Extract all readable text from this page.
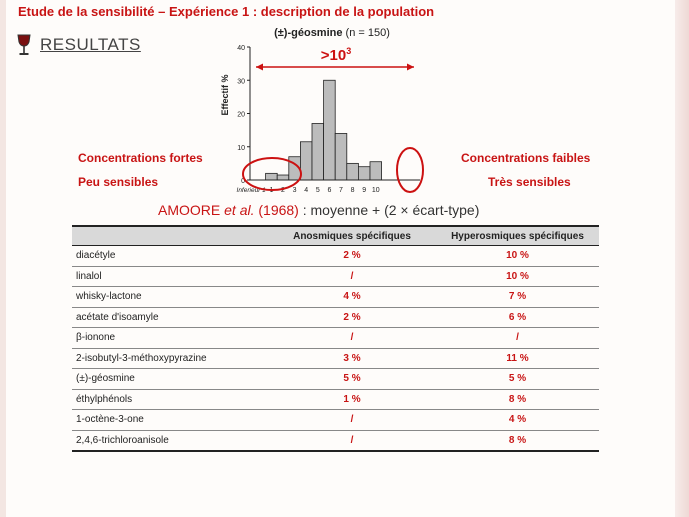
Etude de la sensibilité – Expérience 1 : description de la population
RESULTATS
(±)-géosmine (n = 150)
Effectif %
0
10
20
30
40
Inferieur 1 1 2 3 4 5 6 7 8 9 10
$>10^3$
Concentrations fortes
Peu sensibles
Concentrations faibles
Très sensibles
AMOORE et al. (1968) : moyenne + (2 × écart-type)
	Anosmiques spécifiques	Hyperosmiques spécifiques
diacétyle	2 %	10 %
linalol	/	10 %
whisky-lactone	4 %	7 %
acétate d'isoamyle	2 %	6 %
β-ionone	/	/
2-isobutyl-3-méthoxypyrazine	3 %	11 %
(±)-géosmine	5 %	5 %
éthylphénols	1 %	8 %
1-octène-3-one	/	4 %
2,4,6-trichloroanisole	/	8 %
